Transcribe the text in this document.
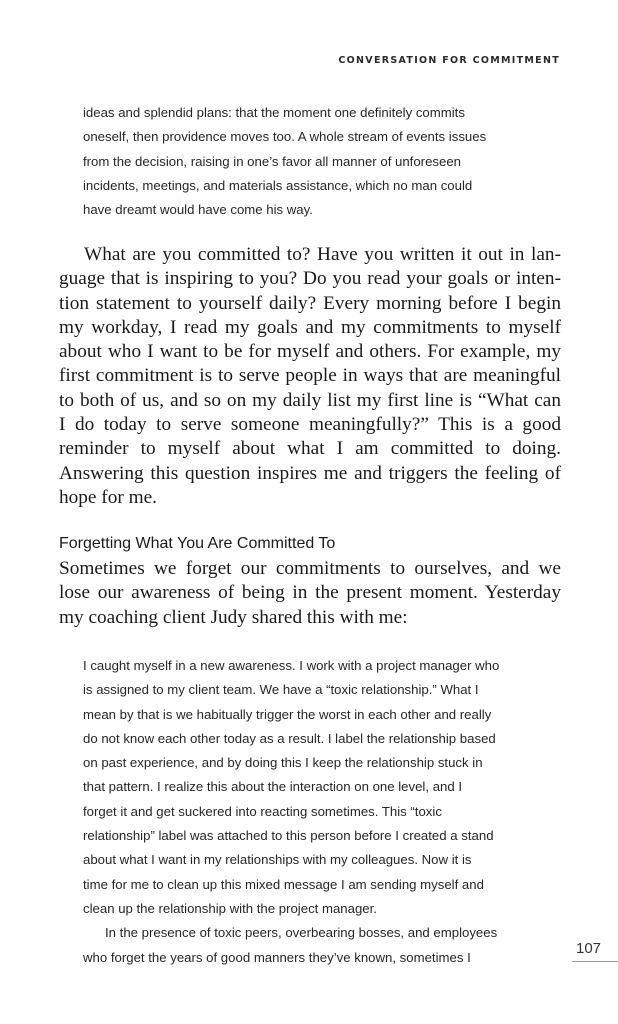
CONVERSATION FOR COMMITMENT
ideas and splendid plans: that the moment one definitely commits
oneself, then providence moves too. A whole stream of events issues
from the decision, raising in one’s favor all manner of unforeseen
incidents, meetings, and materials assistance, which no man could
have dreamt would have come his way.
What are you committed to? Have you written it out in lan-
guage that is inspiring to you? Do you read your goals or inten-
tion statement to yourself daily? Every morning before I begin
my workday, I read my goals and my commitments to myself
about who I want to be for myself and others. For example, my
first commitment is to serve people in ways that are meaningful
to both of us, and so on my daily list my first line is “What can
I do today to serve someone meaningfully?” This is a good
reminder to myself about what I am committed to doing.
Answering this question inspires me and triggers the feeling of
hope for me.
Forgetting What You Are Committed To
Sometimes we forget our commitments to ourselves, and we
lose our awareness of being in the present moment. Yesterday
my coaching client Judy shared this with me:
I caught myself in a new awareness. I work with a project manager who
is assigned to my client team. We have a “toxic relationship.” What I
mean by that is we habitually trigger the worst in each other and really
do not know each other today as a result. I label the relationship based
on past experience, and by doing this I keep the relationship stuck in
that pattern. I realize this about the interaction on one level, and I
forget it and get suckered into reacting sometimes. This “toxic
relationship” label was attached to this person before I created a stand
about what I want in my relationships with my colleagues. Now it is
time for me to clean up this mixed message I am sending myself and
clean up the relationship with the project manager.
In the presence of toxic peers, overbearing bosses, and employees
who forget the years of good manners they’ve known, sometimes I
107
